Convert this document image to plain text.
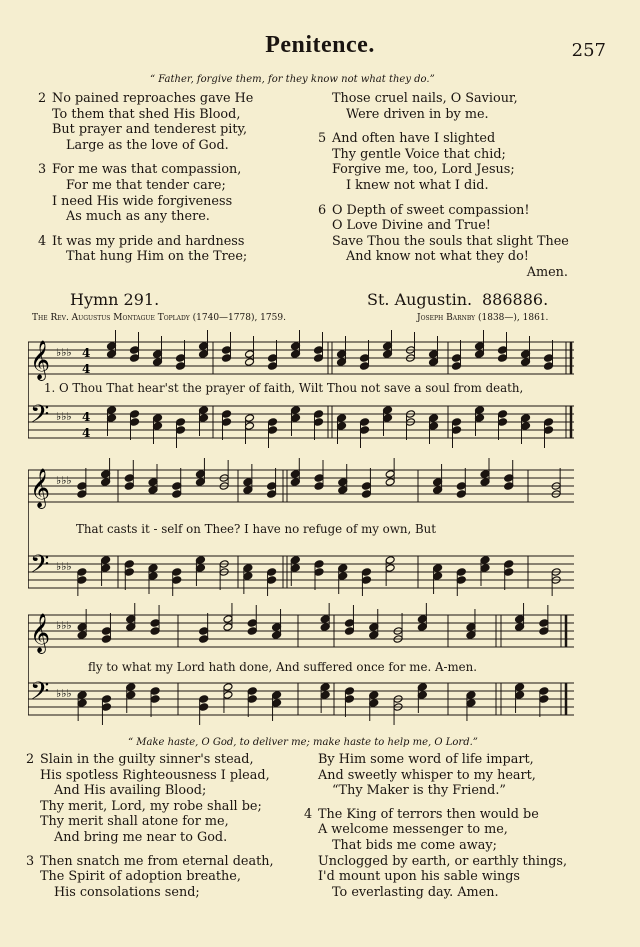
Penitence.	257
“ Father, forgive them, for they know not what they do.”
2 No pained reproaches gave He
To them that shed His Blood,
But prayer and tenderest pity,
Large as the love of God.
3 For me was that compassion,
For me that tender care;
I need His wide forgiveness
As much as any there.
4 It was my pride and hardness
That hung Him on the Tree;
Those cruel nails, O Saviour,
Were driven in by me.
5 And often have I slighted
Thy gentle Voice that chid;
Forgive me, too, Lord Jesus;
I knew not what I did.
6 O Depth of sweet compassion!
O Love Divine and True!
Save Thou the souls that slight Thee
And know not what they do!
Amen.
Hymn 291.	St. Augustin. 886886.
The Rev. Augustus Montague Toplady (1740—1778), 1759.	Joseph Barnby (1838—), 1861.
𝄞
𝄢
♭♭♭
♭♭♭
4
4
4
4
1. O Thou That hear'st the prayer of faith, Wilt Thou not save a soul from death,
𝄞
𝄢
♭♭♭
♭♭♭
That casts it - self on Thee? I have no refuge of my own, But
𝄞
𝄢
♭♭♭
♭♭♭
fly to what my Lord hath done, And suffered once for me. A-men.
“ Make haste, O God, to deliver me; make haste to help me, O Lord.”
2 Slain in the guilty sinner's stead,
His spotless Righteousness I plead,
And His availing Blood;
Thy merit, Lord, my robe shall be;
Thy merit shall atone for me,
And bring me near to God.
3 Then snatch me from eternal death,
The Spirit of adoption breathe,
His consolations send;
By Him some word of life impart,
And sweetly whisper to my heart,
“Thy Maker is thy Friend.”
4 The King of terrors then would be
A welcome messenger to me,
That bids me come away;
Unclogged by earth, or earthly things,
I'd mount upon his sable wings
To everlasting day. Amen.
